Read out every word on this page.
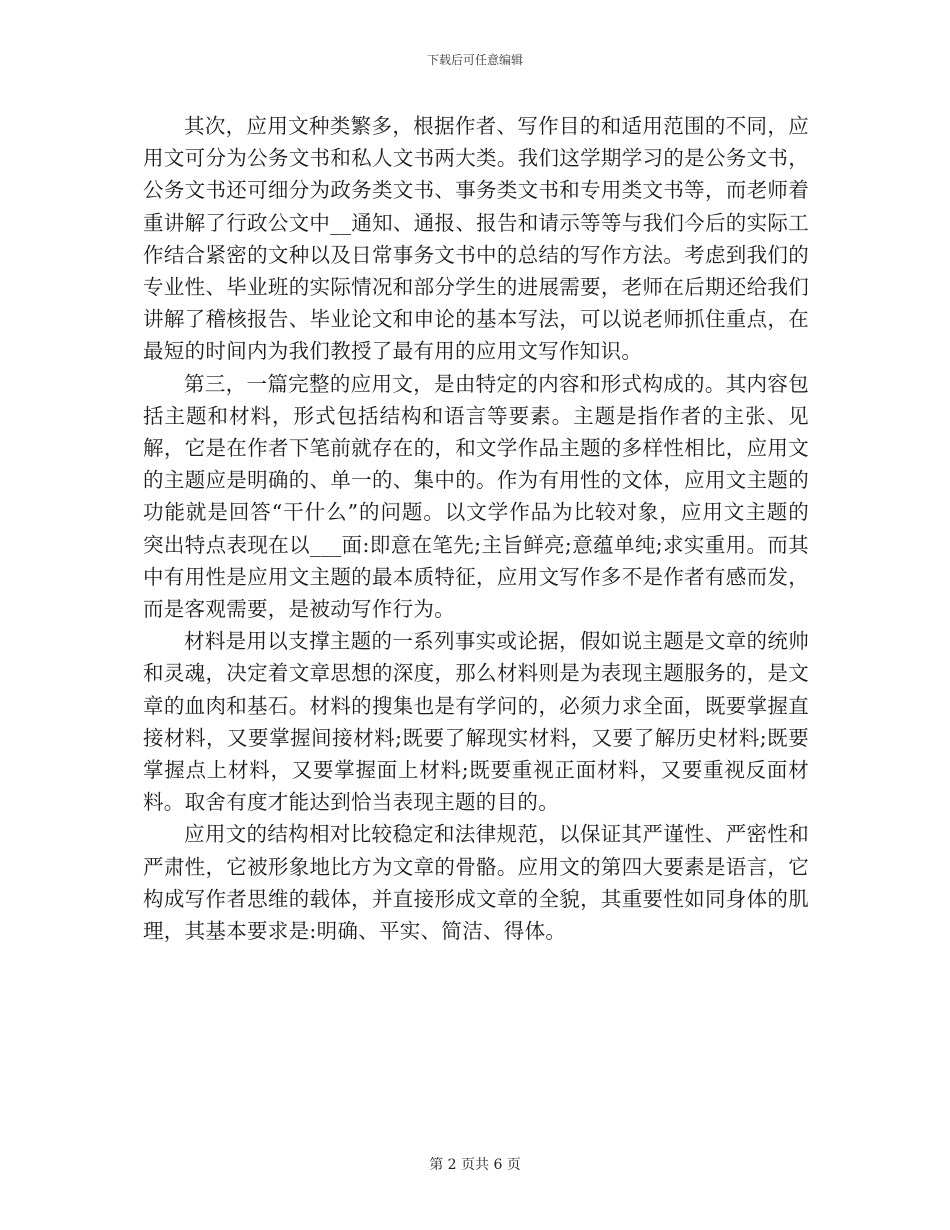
下载后可任意编辑

其次，应用文种类繁多，根据作者、写作目的和适用范围的不同，应用文可分为公务文书和私人文书两大类。我们这学期学习的是公务文书，公务文书还可细分为政务类文书、事务类文书和专用类文书等，而老师着重讲解了行政公文中__通知、通报、报告和请示等等与我们今后的实际工作结合紧密的文种以及日常事务文书中的总结的写作方法。考虑到我们的专业性、毕业班的实际情况和部分学生的进展需要，老师在后期还给我们讲解了稽核报告、毕业论文和申论的基本写法，可以说老师抓住重点，在最短的时间内为我们教授了最有用的应用文写作知识。

第三，一篇完整的应用文，是由特定的内容和形式构成的。其内容包括主题和材料，形式包括结构和语言等要素。主题是指作者的主张、见解，它是在作者下笔前就存在的，和文学作品主题的多样性相比，应用文的主题应是明确的、单一的、集中的。作为有用性的文体，应用文主题的功能就是回答“干什么”的问题。以文学作品为比较对象，应用文主题的突出特点表现在以___面:即意在笔先;主旨鲜亮;意蕴单纯;求实重用。而其中有用性是应用文主题的最本质特征，应用文写作多不是作者有感而发，而是客观需要，是被动写作行为。

材料是用以支撑主题的一系列事实或论据，假如说主题是文章的统帅和灵魂，决定着文章思想的深度，那么材料则是为表现主题服务的，是文章的血肉和基石。材料的搜集也是有学问的，必须力求全面，既要掌握直接材料，又要掌握间接材料;既要了解现实材料，又要了解历史材料;既要掌握点上材料，又要掌握面上材料;既要重视正面材料，又要重视反面材料。取舍有度才能达到恰当表现主题的目的。

应用文的结构相对比较稳定和法律规范，以保证其严谨性、严密性和严肃性，它被形象地比方为文章的骨骼。应用文的第四大要素是语言，它构成写作者思维的载体，并直接形成文章的全貌，其重要性如同身体的肌理，其基本要求是:明确、平实、简洁、得体。

第 2 页共 6 页
